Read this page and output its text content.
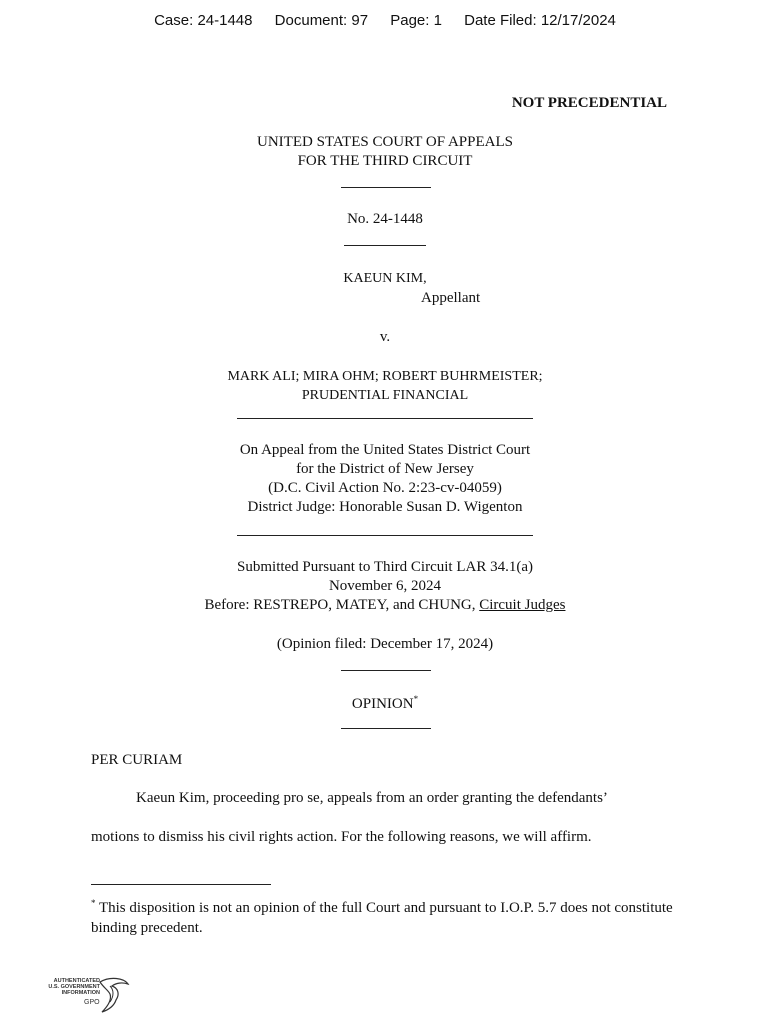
Case: 24-1448 Document: 97 Page: 1 Date Filed: 12/17/2024
NOT PRECEDENTIAL
UNITED STATES COURT OF APPEALS
FOR THE THIRD CIRCUIT
No. 24-1448
KAEUN KIM,
Appellant
v.
MARK ALI; MIRA OHM; ROBERT BUHRMEISTER;
PRUDENTIAL FINANCIAL
On Appeal from the United States District Court
for the District of New Jersey
(D.C. Civil Action No. 2:23-cv-04059)
District Judge: Honorable Susan D. Wigenton
Submitted Pursuant to Third Circuit LAR 34.1(a)
November 6, 2024
Before: RESTREPO, MATEY, and CHUNG, Circuit Judges
(Opinion filed: December 17, 2024)
OPINION*
PER CURIAM
Kaeun Kim, proceeding pro se, appeals from an order granting the defendants’
motions to dismiss his civil rights action. For the following reasons, we will affirm.
* This disposition is not an opinion of the full Court and pursuant to I.O.P. 5.7 does not constitute binding precedent.
AUTHENTICATED
U.S. GOVERNMENT
INFORMATION
GPO
